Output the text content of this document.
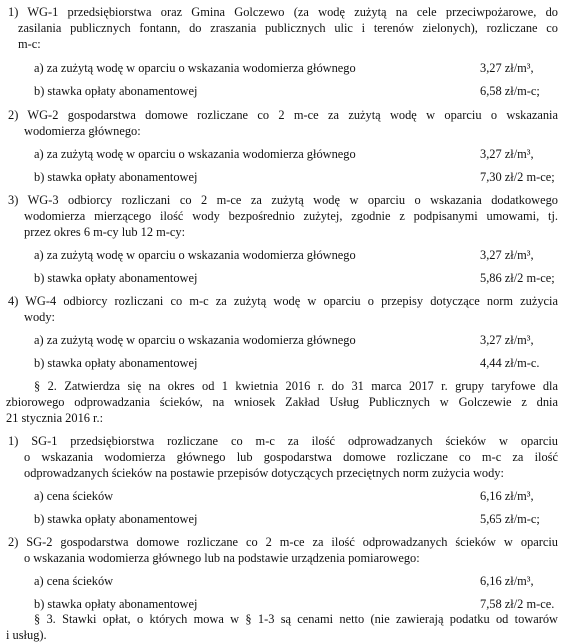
1) WG-1 przedsiębiorstwa oraz Gmina Golczewo (za wodę zużytą na cele przeciwpożarowe, do
zasilania publicznych fontann, do zraszania publicznych ulic i terenów zielonych), rozliczane co
m-c:
a) za zużytą wodę w oparciu o wskazania wodomierza głównego	3,27 zł/m³,
b) stawka opłaty abonamentowej	6,58 zł/m-c;
2) WG-2 gospodarstwa domowe rozliczane co 2 m-ce za zużytą wodę w oparciu o wskazania
wodomierza głównego:
a) za zużytą wodę w oparciu o wskazania wodomierza głównego	3,27 zł/m³,
b) stawka opłaty abonamentowej	7,30 zł/2 m-ce;
3) WG-3 odbiorcy rozliczani co 2 m-ce za zużytą wodę w oparciu o wskazania dodatkowego
wodomierza mierzącego ilość wody bezpośrednio zużytej, zgodnie z podpisanymi umowami, tj.
przez okres 6 m-cy lub 12 m-cy:
a) za zużytą wodę w oparciu o wskazania wodomierza głównego	3,27 zł/m³,
b) stawka opłaty abonamentowej	5,86 zł/2 m-ce;
4) WG-4 odbiorcy rozliczani co m-c za zużytą wodę w oparciu o przepisy dotyczące norm zużycia
wody:
a) za zużytą wodę w oparciu o wskazania wodomierza głównego	3,27 zł/m³,
b) stawka opłaty abonamentowej	4,44 zł/m-c.
§ 2. Zatwierdza się na okres od 1 kwietnia 2016 r. do 31 marca 2017 r. grupy taryfowe dla
zbiorowego odprowadzania ścieków, na wniosek Zakład Usług Publicznych w Golczewie z dnia
21 stycznia 2016 r.:
1) SG-1 przedsiębiorstwa rozliczane co m-c za ilość odprowadzanych ścieków w oparciu
o wskazania wodomierza głównego lub gospodarstwa domowe rozliczane co m-c za ilość
odprowadzanych ścieków na postawie przepisów dotyczących przeciętnych norm zużycia wody:
a) cena ścieków	6,16 zł/m³,
b) stawka opłaty abonamentowej	5,65 zł/m-c;
2) SG-2 gospodarstwa domowe rozliczane co 2 m-ce za ilość odprowadzanych ścieków w oparciu
o wskazania wodomierza głównego lub na podstawie urządzenia pomiarowego:
a) cena ścieków	6,16 zł/m³,
b) stawka opłaty abonamentowej	7,58 zł/2 m-ce.
§ 3. Stawki opłat, o których mowa w § 1-3 są cenami netto (nie zawierają podatku od towarów
i usług).
